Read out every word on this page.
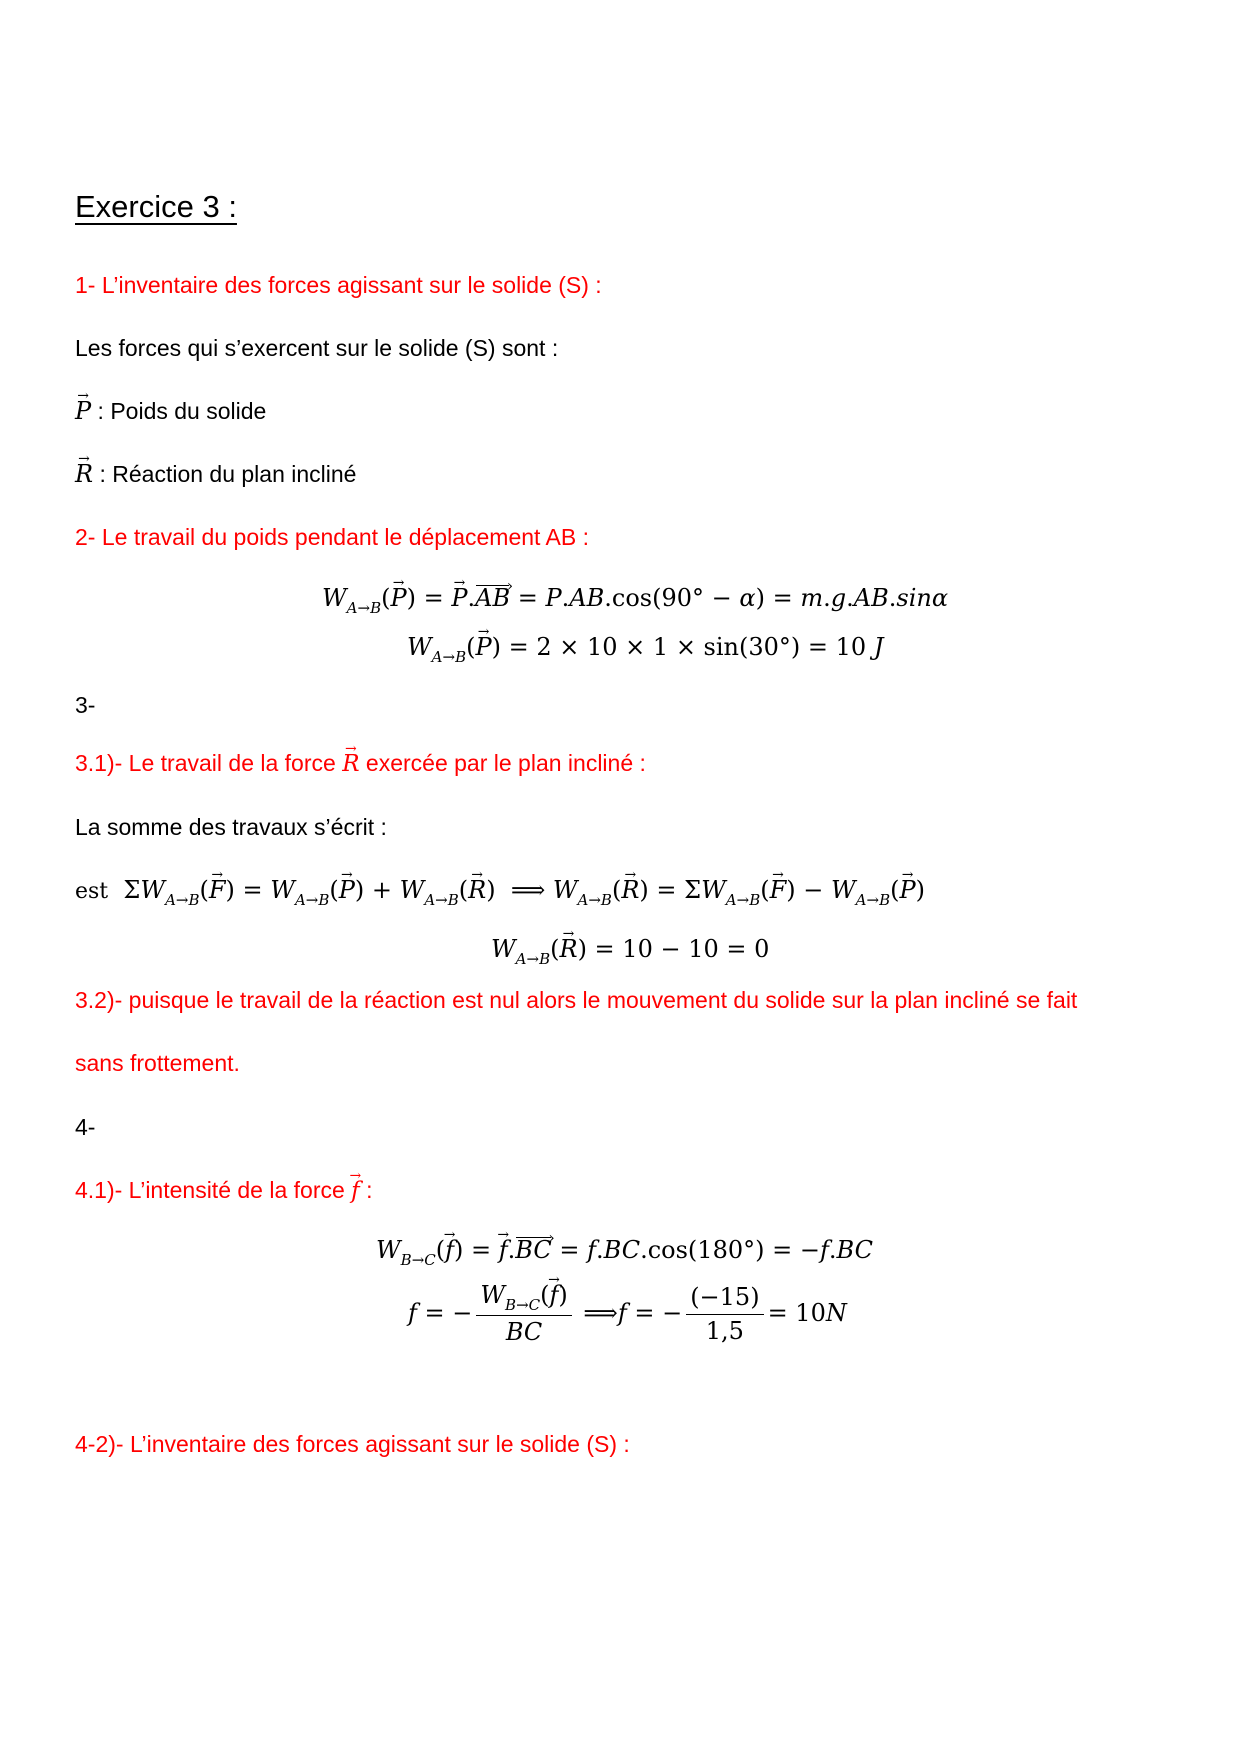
Exercice 3 :
1- L’inventaire des forces agissant sur le solide (S) :
Les forces qui s’exercent sur le solide (S) sont :
→ P : Poids du solide
→ R : Réaction du plan incliné
2- Le travail du poids pendant le déplacement AB :
$W_{A\to B}(\to P)$ = → P.AB › = P.AB.cos(90° − α) = m.g.AB.sinα
$W_{A\to B}(\to P) = 2 \times 10 \times 1 \times \sin(30^\circ) = 10$ J
3-
3.1)- Le travail de la force → R exercée par le plan incliné :
La somme des travaux s’écrit :
est  $\Sigma W_{A\to B}(\to F) = W_{A\to B}(\to P) + W_{A\to B}(\to R)$  ⟹ $W_{A\to B}(\to R) = \Sigma W_{A\to B}(\to F) - W_{A\to B}(\to P)$
$W_{A\to B}(\to R) = 10 - 10 = 0$
3.2)- puisque le travail de la réaction est nul alors le mouvement du solide sur la plan incliné se fait
sans frottement.
4-
4.1)- L’intensité de la force → f :
$W_{B\to C}(\to f)$ = → f.BC › = f.BC.cos(180°) = −f.BC
f = − $\frac{W_{B\to C}(\to f)}{BC}$ ⟹ f = − $\frac{(-15)}{1,5} = 10$ N
4-2)- L’inventaire des forces agissant sur le solide (S) :
